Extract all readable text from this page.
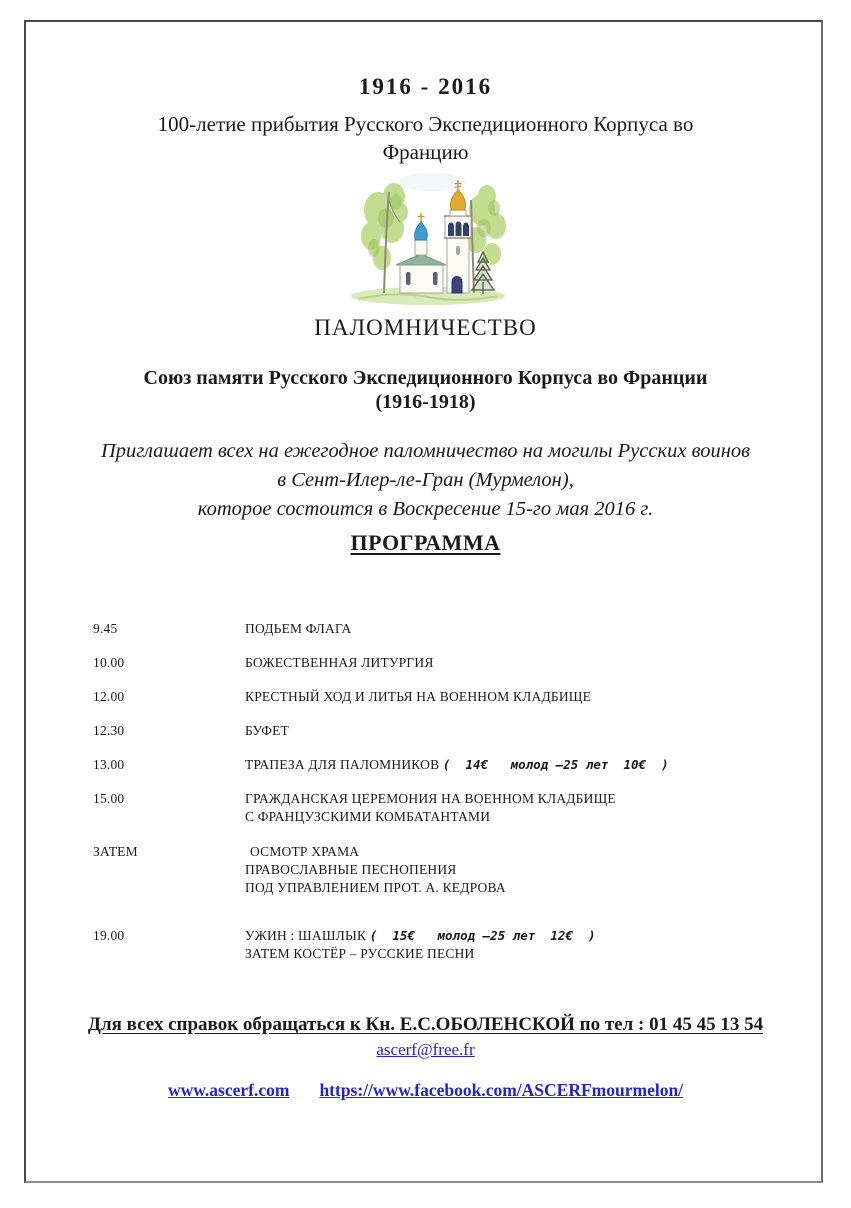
1916 - 2016
100-летие прибытия Русского Экспедиционного Корпуса во
Францию
ПАЛОМНИЧЕСТВО
Союз памяти Русского Экспедиционного Корпуса во Франции
(1916-1918)
Приглашает всех на ежегодное паломничество на могилы Русских воинов
в Сент-Илер-ле-Гран (Мурмелон),
которое состоится в Воскресение 15-го мая 2016 г.
ПРОГРАММА
9.45	ПОДЬЕМ ФЛАГА
10.00	БОЖЕСТВЕННАЯ ЛИТУРГИЯ
12.00	КРЕСТНЫЙ ХОД И ЛИТЬЯ НА ВОЕННОМ КЛАДБИЩЕ
12.30	БУФЕТ
13.00	ТРАПЕЗА ДЛЯ ПАЛОМНИКОВ (  14€   молод –25 лет  10€  )
15.00	ГРАЖДАНСКАЯ ЦЕРЕМОНИЯ НА ВОЕННОМ КЛАДБИЩЕ
С ФРАНЦУЗСКИМИ КОМБАТАНТАМИ
ЗАТЕМ	ОСМОТР ХРАМА
ПРАВОСЛАВНЫЕ ПЕСНОПЕНИЯ
ПОД УПРАВЛЕНИЕМ ПРОТ. А. КЕДРОВА
19.00	УЖИН : ШАШЛЫК (  15€   молод –25 лет  12€  )
ЗАТЕМ КОСТЁР – РУССКИЕ ПЕСНИ
Для всех справок обращаться к Кн. Е.С.ОБОЛЕНСКОЙ по тел : 01 45 45 13 54
ascerf@free.fr
www.ascerf.com https://www.facebook.com/ASCERFmourmelon/
